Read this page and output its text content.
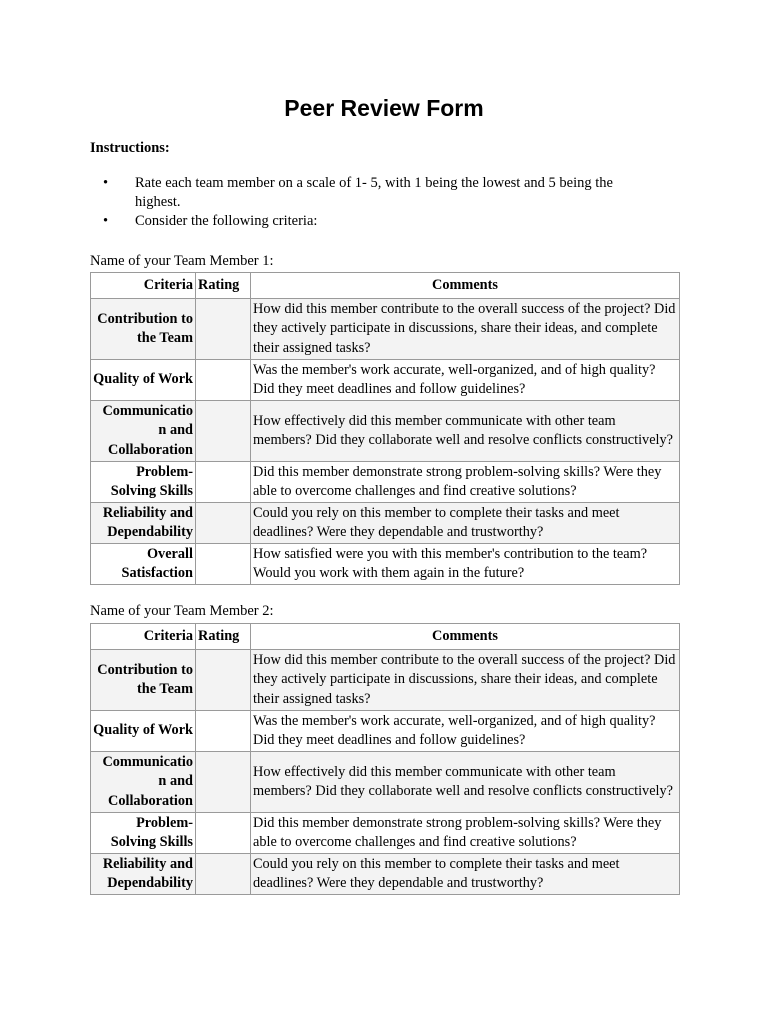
Peer Review Form
Instructions:
• Rate each team member on a scale of 1- 5, with 1 being the lowest and 5 being the highest.
• Consider the following criteria:
Name of your Team Member 1:
Criteria	Rating	Comments
Contribution to the Team		How did this member contribute to the overall success of the project? Did they actively participate in discussions, share their ideas, and complete their assigned tasks?
Quality of Work		Was the member's work accurate, well-organized, and of high quality? Did they meet deadlines and follow guidelines?
Communicatio n and Collaboration		How effectively did this member communicate with other team members? Did they collaborate well and resolve conflicts constructively?
Problem-Solving Skills		Did this member demonstrate strong problem-solving skills? Were they able to overcome challenges and find creative solutions?
Reliability and Dependability		Could you rely on this member to complete their tasks and meet deadlines? Were they dependable and trustworthy?
Overall Satisfaction		How satisfied were you with this member's contribution to the team? Would you work with them again in the future?
Name of your Team Member 2:
Criteria	Rating	Comments
Contribution to the Team		How did this member contribute to the overall success of the project? Did they actively participate in discussions, share their ideas, and complete their assigned tasks?
Quality of Work		Was the member's work accurate, well-organized, and of high quality? Did they meet deadlines and follow guidelines?
Communicatio n and Collaboration		How effectively did this member communicate with other team members? Did they collaborate well and resolve conflicts constructively?
Problem-Solving Skills		Did this member demonstrate strong problem-solving skills? Were they able to overcome challenges and find creative solutions?
Reliability and Dependability		Could you rely on this member to complete their tasks and meet deadlines? Were they dependable and trustworthy?
